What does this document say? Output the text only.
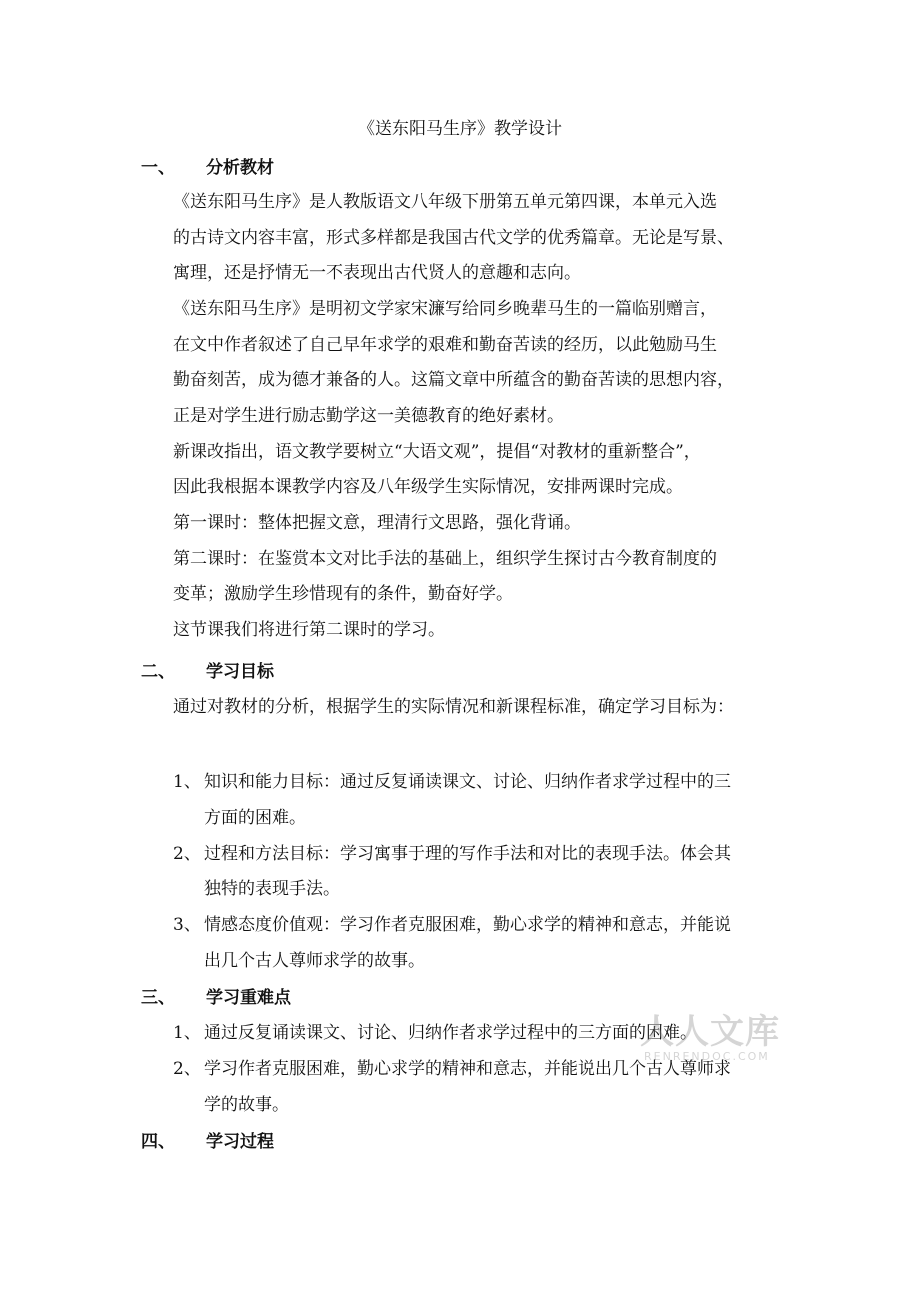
《送东阳马生序》教学设计
一、 分析教材
《送东阳马生序》是人教版语文八年级下册第五单元第四课，本单元入选
的古诗文内容丰富，形式多样都是我国古代文学的优秀篇章。无论是写景、
寓理，还是抒情无一不表现出古代贤人的意趣和志向。
《送东阳马生序》是明初文学家宋濂写给同乡晚辈马生的一篇临别赠言，
在文中作者叙述了自己早年求学的艰难和勤奋苦读的经历，以此勉励马生
勤奋刻苦，成为德才兼备的人。这篇文章中所蕴含的勤奋苦读的思想内容，
正是对学生进行励志勤学这一美德教育的绝好素材。
新课改指出，语文教学要树立“大语文观”，提倡“对教材的重新整合”，
因此我根据本课教学内容及八年级学生实际情况，安排两课时完成。
第一课时：整体把握文意，理清行文思路，强化背诵。
第二课时：在鉴赏本文对比手法的基础上，组织学生探讨古今教育制度的
变革；激励学生珍惜现有的条件，勤奋好学。
这节课我们将进行第二课时的学习。
二、 学习目标
通过对教材的分析，根据学生的实际情况和新课程标准，确定学习目标为：
1、 知识和能力目标：通过反复诵读课文、讨论、归纳作者求学过程中的三
方面的困难。
2、 过程和方法目标：学习寓事于理的写作手法和对比的表现手法。体会其
独特的表现手法。
3、 情感态度价值观：学习作者克服困难，勤心求学的精神和意志，并能说
出几个古人尊师求学的故事。
三、 学习重难点
1、 通过反复诵读课文、讨论、归纳作者求学过程中的三方面的困难。
2、 学习作者克服困难，勤心求学的精神和意志，并能说出几个古人尊师求
学的故事。
四、 学习过程
人人文库
RENRENDOC.COM
